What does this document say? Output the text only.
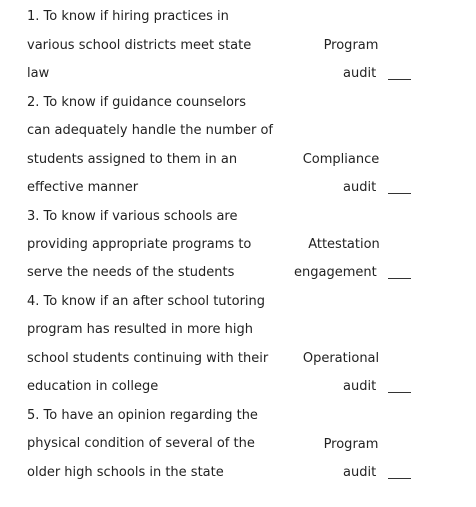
1. To know if hiring practices in
various school districts meet state
law
Program
audit
2. To know if guidance counselors
can adequately handle the number of
students assigned to them in an
effective manner
Compliance
audit
3. To know if various schools are
providing appropriate programs to
serve the needs of the students
Attestation
engagement
4. To know if an after school tutoring
program has resulted in more high
school students continuing with their
education in college
Operational
audit
5. To have an opinion regarding the
physical condition of several of the
older high schools in the state
Program
audit
